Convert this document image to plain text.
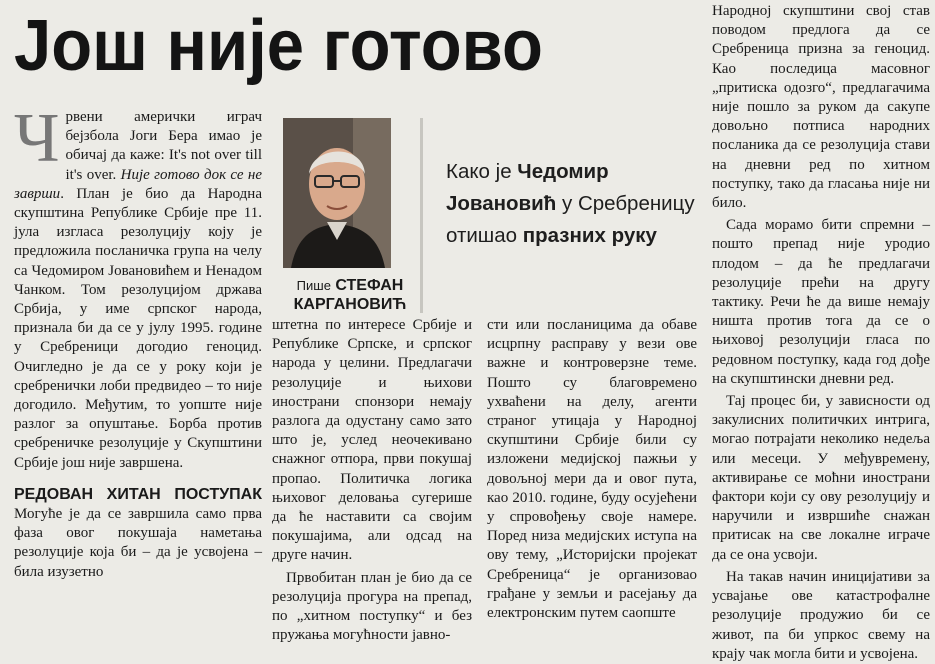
Још није готово

Чрвени амерички играч бејзбола Јоги Бера имао је обичај да каже: It's not over till it's over. Није готово док се не заврши. План је био да Народна скупштина Републике Србије пре 11. јула изгласа резолуцију коју је предложила посланичка група на челу са Чедомиром Јовановићем и Ненадом Чанком. Том резолуцијом држава Србија, у име српског народа, признала би да се у јулу 1995. године у Сребреници догодио геноцид. Очигледно је да се у року који је сребренички лоби предвидео – то није догодило. Међутим, то уопште није разлог за опуштање. Борба против сребреничке резолуције у Скупштини Србије још није завршена.

РЕДОВАН ХИТАН ПОСТУПАК Могуће је да се завршила само прва фаза овог покушаја наметања резолуције која би – да је усвојена – била изузетно

Пише СТЕФАН
КАРГАНОВИЋ
Како је Чедомир Јовановић у Сребреницу отишао празних руку

штетна по интересе Србије и Републике Српске, и српског народа у целини. Предлагачи резолуције и њихови инострани спонзори немају разлога да одустану само зато што је, услед неочекивано снажног отпора, први покушај пропао. Политичка логика њиховог деловања сугерише да ће наставити са својим покушајима, али одсад на друге начин.

Првобитан план је био да се резолуција прогура на препад, по „хитном поступку“ и без пружања могућности јавно-

сти или посланицима да обаве исцрпну расправу у вези ове важне и контроверзне теме. Пошто су благовремено ухваћени на делу, агенти страног утицаја у Народној скупштини Србије били су изложени медијској пажњи у довољној мери да и овог пута, као 2010. године, буду осујећени у спровођењу своје намере. Поред низа медијских иступа на ову тему, „Историјски пројекат Сребреница“ је организовао грађане у земљи и расејању да електронским путем саопште

Народној скупштини свој став поводом предлога да се Сребреница призна за геноцид. Као последица масовног „притиска одозго“, предлагачима није пошло за руком да сакупе довољно потписа народних посланика да се резолуција стави на дневни ред по хитном поступку, тако да гласања није ни било.

Сада морамо бити спремни – пошто препад није уродио плодом – да ће предлагачи резолуције прећи на другу тактику. Речи ће да више немају ништа против тога да се о њиховој резолуцији гласа по редовном поступку, када год дође на скупштински дневни ред.

Тај процес би, у зависности од закулисних политичких интрига, могао потрајати неколико недеља или месеци. У међувремену, активирање се моћни инострани фактори који су ову резолуцију и наручили и извршиће снажан притисак на све локалне играче да се она усвоји.

На такав начин иницијативи за усвајање ове катастрофалне резолуције продужио би се живот, па би упркос свему на крају чак могла бити и усвојена.
